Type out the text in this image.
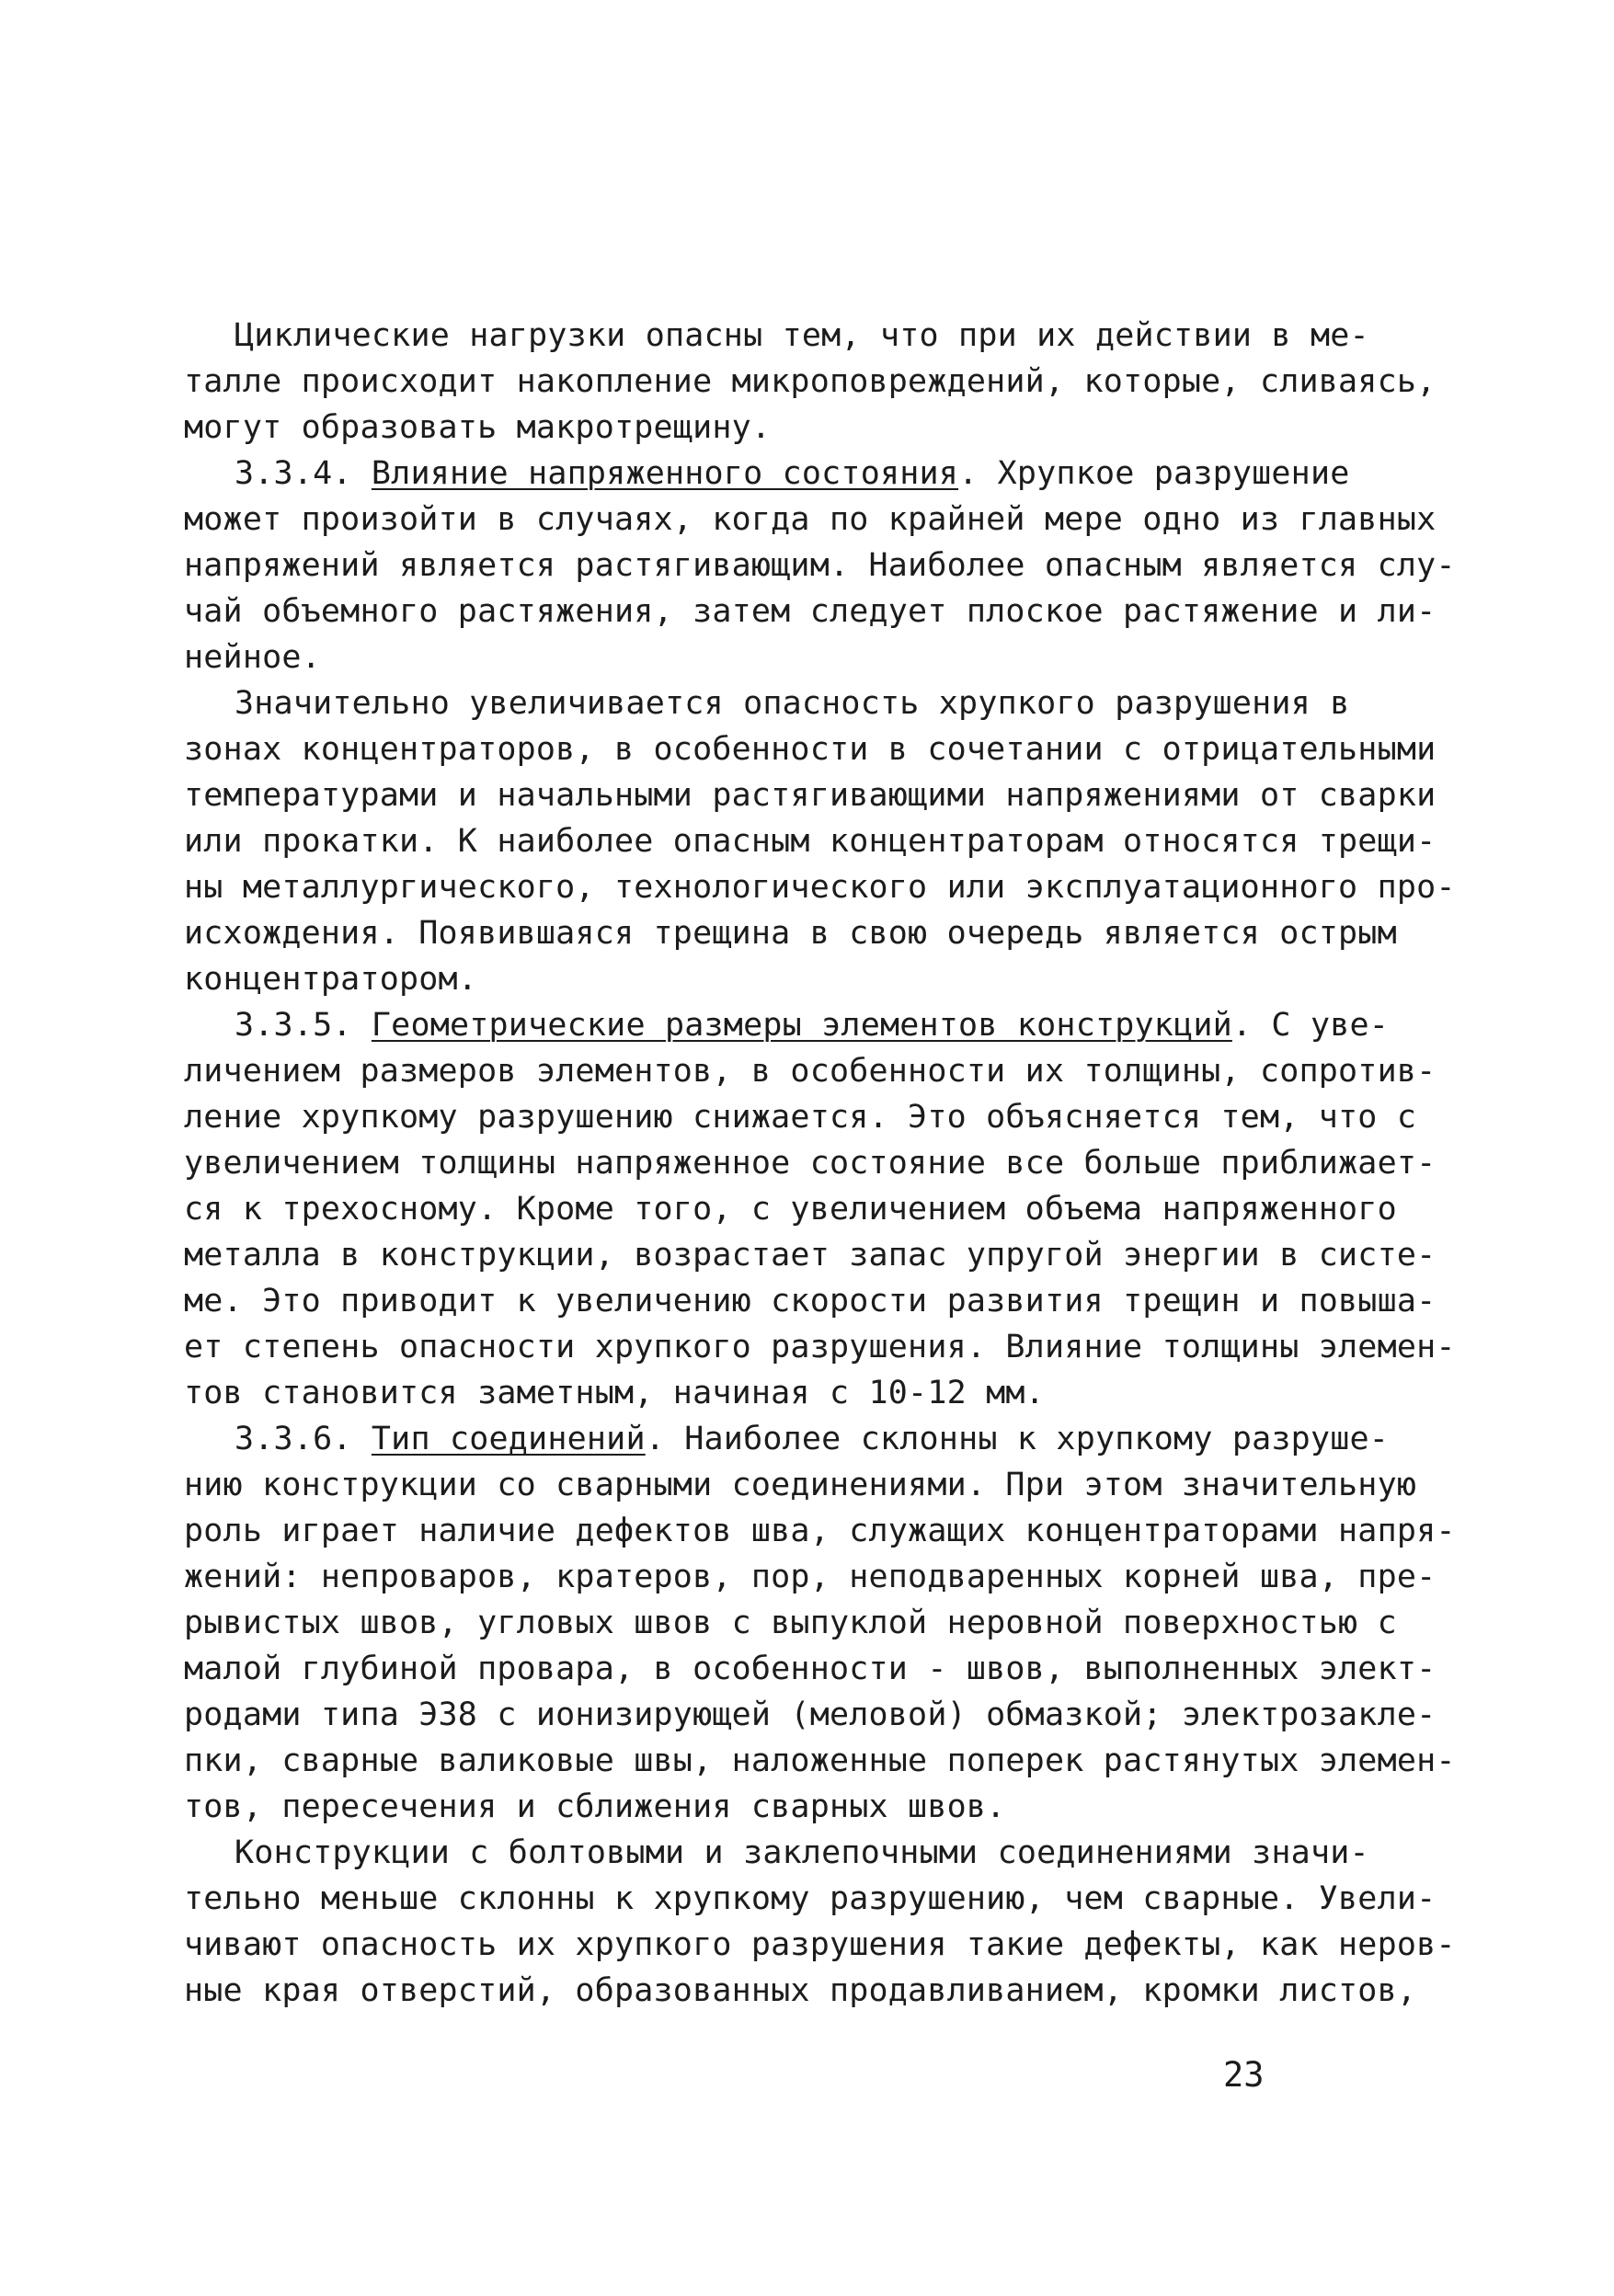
Циклические нагрузки опасны тем, что при их действии в ме-
талле происходит накопление микроповреждений, которые, сливаясь,
могут образовать макротрещину.
3.3.4. Влияние напряженного состояния. Хрупкое разрушение
может произойти в случаях, когда по крайней мере одно из главных
напряжений является растягивающим. Наиболее опасным является слу-
чай объемного растяжения, затем следует плоское растяжение и ли-
нейное.
Значительно увеличивается опасность хрупкого разрушения в
зонах концентраторов, в особенности в сочетании с отрицательными
температурами и начальными растягивающими напряжениями от сварки
или прокатки. К наиболее опасным концентраторам относятся трещи-
ны металлургического, технологического или эксплуатационного про-
исхождения. Появившаяся трещина в свою очередь является острым
концентратором.
3.3.5. Геометрические размеры элементов конструкций. С уве-
личением размеров элементов, в особенности их толщины, сопротив-
ление хрупкому разрушению снижается. Это объясняется тем, что с
увеличением толщины напряженное состояние все больше приближает-
ся к трехосному. Кроме того, с увеличением объема напряженного
металла в конструкции, возрастает запас упругой энергии в систе-
ме. Это приводит к увеличению скорости развития трещин и повыша-
ет степень опасности хрупкого разрушения. Влияние толщины элемен-
тов становится заметным, начиная с 10-12 мм.
3.3.6. Тип соединений. Наиболее склонны к хрупкому разруше-
нию конструкции со сварными соединениями. При этом значительную
роль играет наличие дефектов шва, служащих концентраторами напря-
жений: непроваров, кратеров, пор, неподваренных корней шва, пре-
рывистых швов, угловых швов с выпуклой неровной поверхностью с
малой глубиной провара, в особенности - швов, выполненных элект-
родами типа Э38 с ионизирующей (меловой) обмазкой; электрозакле-
пки, сварные валиковые швы, наложенные поперек растянутых элемен-
тов, пересечения и сближения сварных швов.
Конструкции с болтовыми и заклепочными соединениями значи-
тельно меньше склонны к хрупкому разрушению, чем сварные. Увели-
чивают опасность их хрупкого разрушения такие дефекты, как неров-
ные края отверстий, образованных продавливанием, кромки листов,
23
